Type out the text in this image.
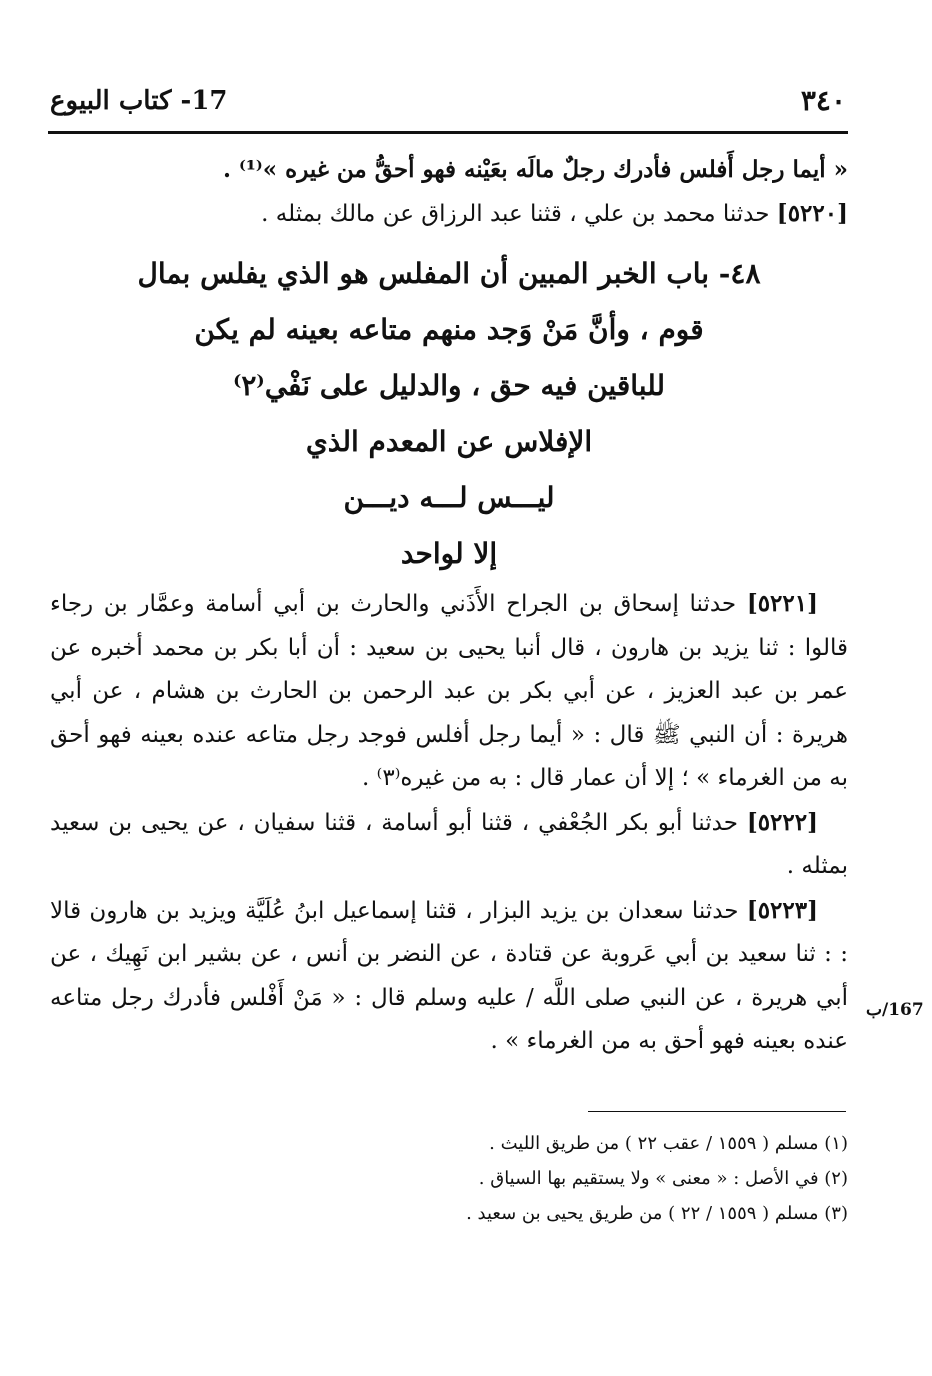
٣٤٠
17- كتاب البيوع
« أيما رجل أَفلس فأدرك رجلٌ مالَه بعَيْنه فهو أحقُّ من غيره »⁽¹⁾ .
[٥٢٢٠] حدثنا محمد بن علي ، قثنا عبد الرزاق عن مالك بمثله .
٤٨- باب الخبر المبين أن المفلس هو الذي يفلس بمال
قوم ، وأنَّ مَنْ وَجد منهم متاعه بعينه لم يكن
للباقين فيه حق ، والدليل على نَفْي⁽٢⁾
الإفلاس عن المعدم الذي
ليـــس لـــه ديـــن
إلا لواحد
[٥٢٢١] حدثنا إسحاق بن الجراح الأَذَني والحارث بن أبي أسامة وعمَّار بن رجاء قالوا : ثنا يزيد بن هارون ، قال أنبا يحيى بن سعيد : أن أبا بكر بن محمد أخبره عن عمر بن عبد العزيز ، عن أبي بكر بن عبد الرحمن بن الحارث بن هشام ، عن أبي هريرة : أن النبي ﷺ قال : « أيما رجل أفلس فوجد رجل متاعه عنده بعينه فهو أحق به من الغرماء » ؛ إلا أن عمار قال : به من غيره⁽٣⁾ .
[٥٢٢٢] حدثنا أبو بكر الجُعْفي ، قثنا أبو أسامة ، قثنا سفيان ، عن يحيى بن سعيد بمثله .
[٥٢٢٣] حدثنا سعدان بن يزيد البزار ، قثنا إسماعيل ابنُ عُلَيَّة ويزيد بن هارون قالا : : ثنا سعيد بن أبي عَروبة عن قتادة ، عن النضر بن أنس ، عن بشير ابن نَهِيك ، عن أبي هريرة ، عن النبي صلى اللَّه / عليه وسلم قال : « مَنْ أَفْلس فأدرك رجل متاعه عنده بعينه فهو أحق به من الغرماء » .
167/ب
(١) مسلم ( ١٥٥٩ / عقب ٢٢ ) من طريق الليث .
(٢) في الأصل : « معنى » ولا يستقيم بها السياق .
(٣) مسلم ( ١٥٥٩ / ٢٢ ) من طريق يحيى بن سعيد .
